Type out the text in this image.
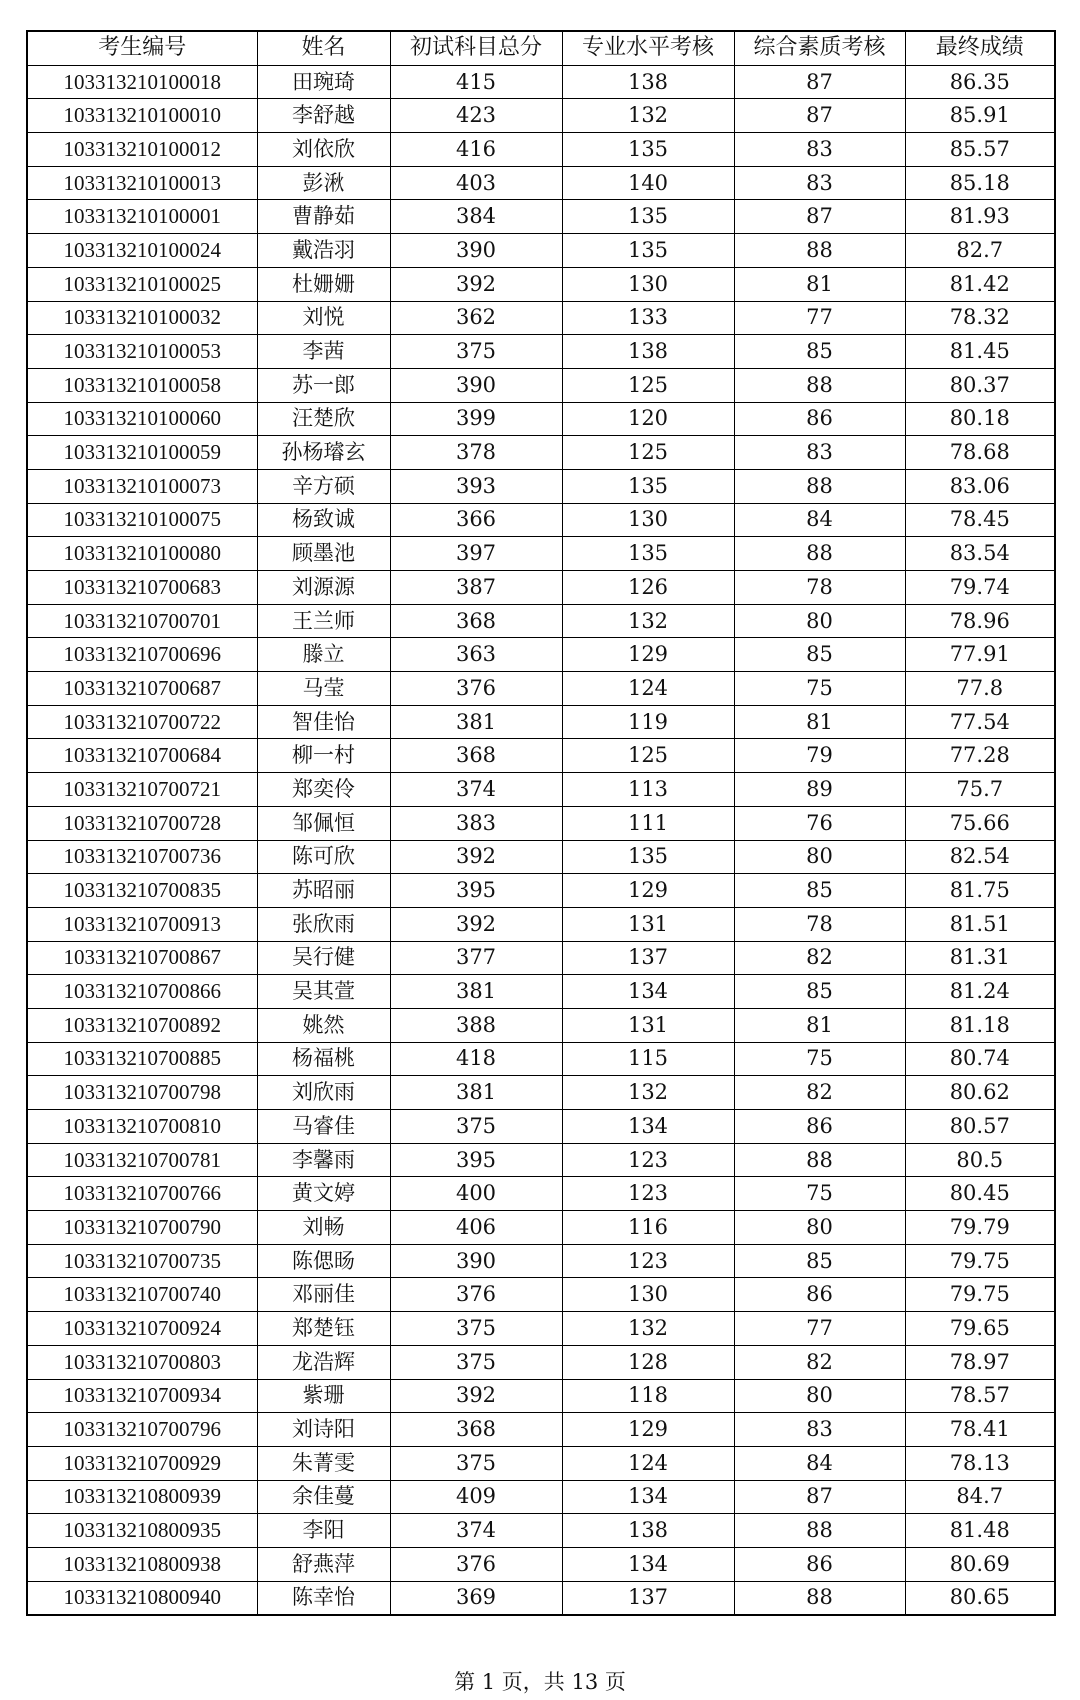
考生编号	姓名	初试科目总分	专业水平考核	综合素质考核	最终成绩
103313210100018	田琬琦	415	138	87	86.35
103313210100010	李舒越	423	132	87	85.91
103313210100012	刘依欣	416	135	83	85.57
103313210100013	彭湫	403	140	83	85.18
103313210100001	曹静茹	384	135	87	81.93
103313210100024	戴浩羽	390	135	88	82.7
103313210100025	杜姗姗	392	130	81	81.42
103313210100032	刘悦	362	133	77	78.32
103313210100053	李茜	375	138	85	81.45
103313210100058	苏一郎	390	125	88	80.37
103313210100060	汪楚欣	399	120	86	80.18
103313210100059	孙杨璿玄	378	125	83	78.68
103313210100073	辛方硕	393	135	88	83.06
103313210100075	杨致诚	366	130	84	78.45
103313210100080	顾墨池	397	135	88	83.54
103313210700683	刘源源	387	126	78	79.74
103313210700701	王兰师	368	132	80	78.96
103313210700696	滕立	363	129	85	77.91
103313210700687	马莹	376	124	75	77.8
103313210700722	智佳怡	381	119	81	77.54
103313210700684	柳一村	368	125	79	77.28
103313210700721	郑奕伶	374	113	89	75.7
103313210700728	邹佩恒	383	111	76	75.66
103313210700736	陈可欣	392	135	80	82.54
103313210700835	苏昭丽	395	129	85	81.75
103313210700913	张欣雨	392	131	78	81.51
103313210700867	吴行健	377	137	82	81.31
103313210700866	吴其萱	381	134	85	81.24
103313210700892	姚然	388	131	81	81.18
103313210700885	杨福桃	418	115	75	80.74
103313210700798	刘欣雨	381	132	82	80.62
103313210700810	马睿佳	375	134	86	80.57
103313210700781	李馨雨	395	123	88	80.5
103313210700766	黄文婷	400	123	75	80.45
103313210700790	刘畅	406	116	80	79.79
103313210700735	陈偲旸	390	123	85	79.75
103313210700740	邓丽佳	376	130	86	79.75
103313210700924	郑楚钰	375	132	77	79.65
103313210700803	龙浩辉	375	128	82	78.97
103313210700934	紫珊	392	118	80	78.57
103313210700796	刘诗阳	368	129	83	78.41
103313210700929	朱菁雯	375	124	84	78.13
103313210800939	余佳蔓	409	134	87	84.7
103313210800935	李阳	374	138	88	81.48
103313210800938	舒燕萍	376	134	86	80.69
103313210800940	陈幸怡	369	137	88	80.65
第 1 页，共 13 页
